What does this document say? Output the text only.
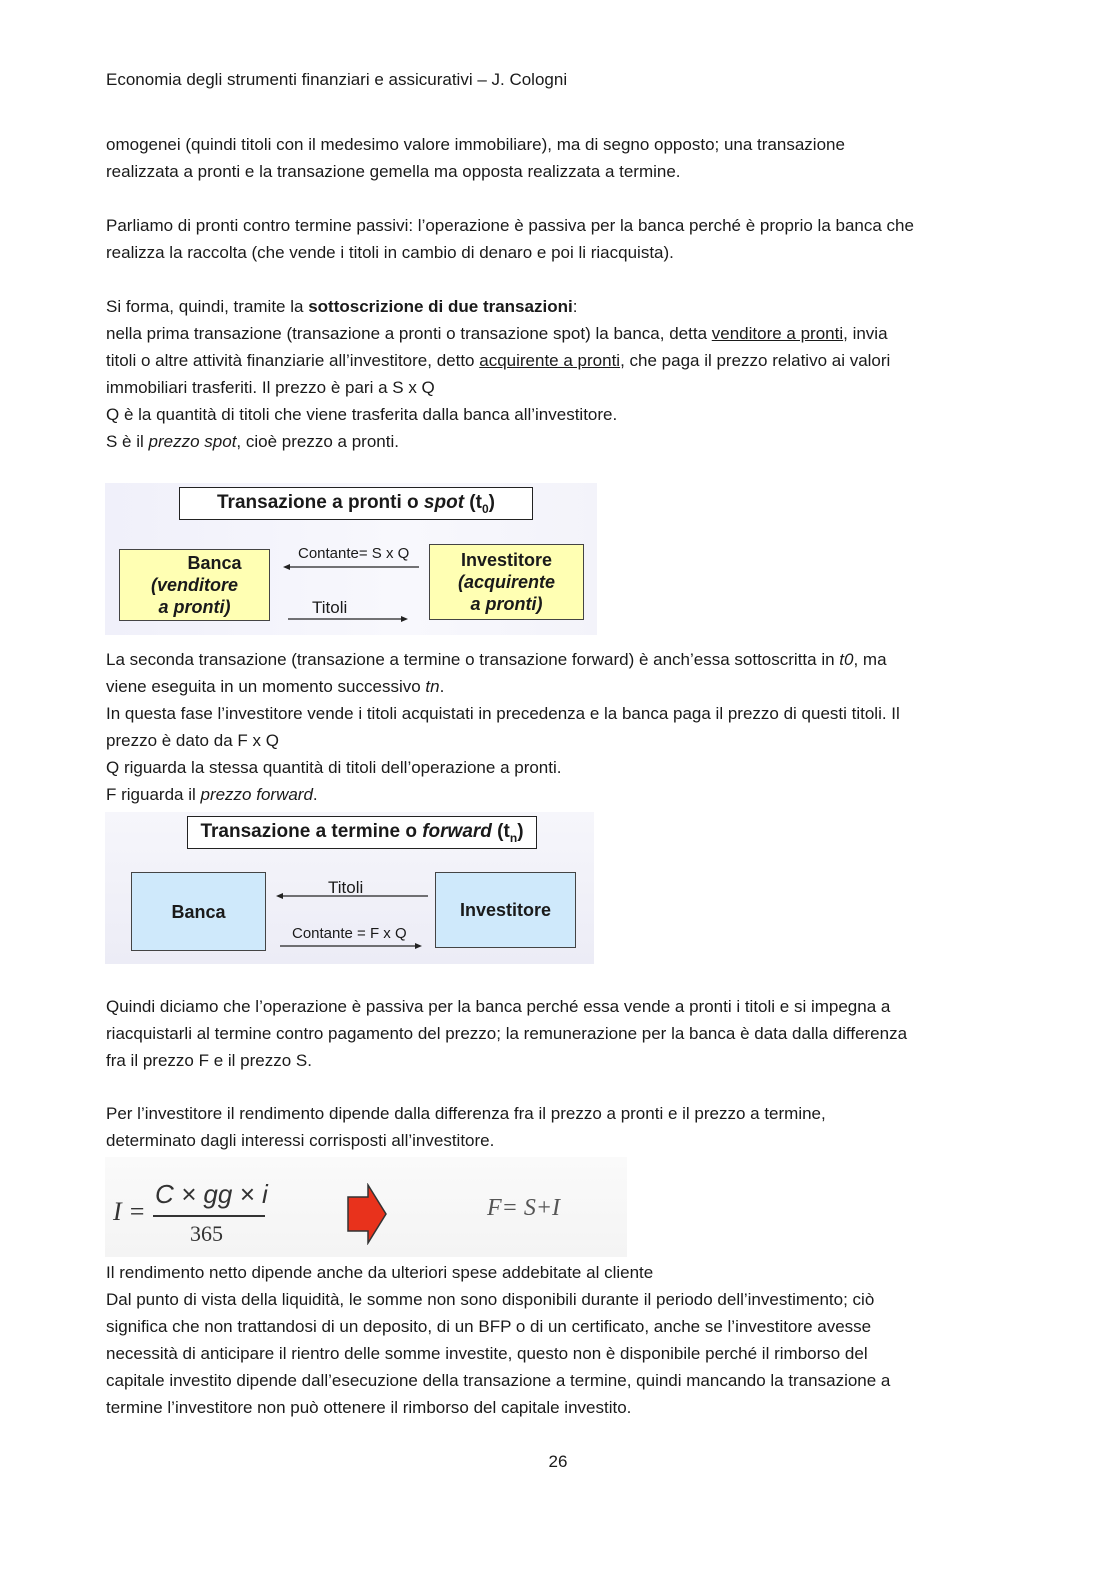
Economia degli strumenti finanziari e assicurativi – J. Cologni
omogenei (quindi titoli con il medesimo valore immobiliare), ma di segno opposto; una transazione
realizzata a pronti e la transazione gemella ma opposta realizzata a termine.
Parliamo di pronti contro termine passivi: l’operazione è passiva per la banca perché è proprio la banca che
realizza la raccolta (che vende i titoli in cambio di denaro e poi li riacquista).
Si forma, quindi, tramite la sottoscrizione di due transazioni:
nella prima transazione (transazione a pronti o transazione spot) la banca, detta venditore a pronti, invia
titoli o altre attività finanziarie all’investitore, detto acquirente a pronti, che paga il prezzo relativo ai valori
immobiliari trasferiti. Il prezzo è pari a S x Q
Q è la quantità di titoli che viene trasferita dalla banca all’investitore.
S è il prezzo spot, cioè prezzo a pronti.
Transazione a pronti o spot $(t_0)$
Banca
(venditore
a pronti)
Investitore
(acquirente
a pronti)
Contante= S x Q
Titoli
La seconda transazione (transazione a termine o transazione forward) è anch’essa sottoscritta in t0, ma
viene eseguita in un momento successivo tn.
In questa fase l’investitore vende i titoli acquistati in precedenza e la banca paga il prezzo di questi titoli. Il
prezzo è dato da F x Q
Q riguarda la stessa quantità di titoli dell’operazione a pronti.
F riguarda il prezzo forward.
Transazione a termine o forward $(t_n)$
Banca	Investitore
Titoli
Contante = F x Q
Quindi diciamo che l’operazione è passiva per la banca perché essa vende a pronti i titoli e si impegna a
riacquistarli al termine contro pagamento del prezzo; la remunerazione per la banca è data dalla differenza
fra il prezzo F e il prezzo S.
Per l’investitore il rendimento dipende dalla differenza fra il prezzo a pronti e il prezzo a termine,
determinato dagli interessi corrisposti all’investitore.
I =
C × gg × i
365
F= S+I
Il rendimento netto dipende anche da ulteriori spese addebitate al cliente
Dal punto di vista della liquidità, le somme non sono disponibili durante il periodo dell’investimento; ciò
significa che non trattandosi di un deposito, di un BFP o di un certificato, anche se l’investitore avesse
necessità di anticipare il rientro delle somme investite, questo non è disponibile perché il rimborso del
capitale investito dipende dall’esecuzione della transazione a termine, quindi mancando la transazione a
termine l’investitore non può ottenere il rimborso del capitale investito.
26
